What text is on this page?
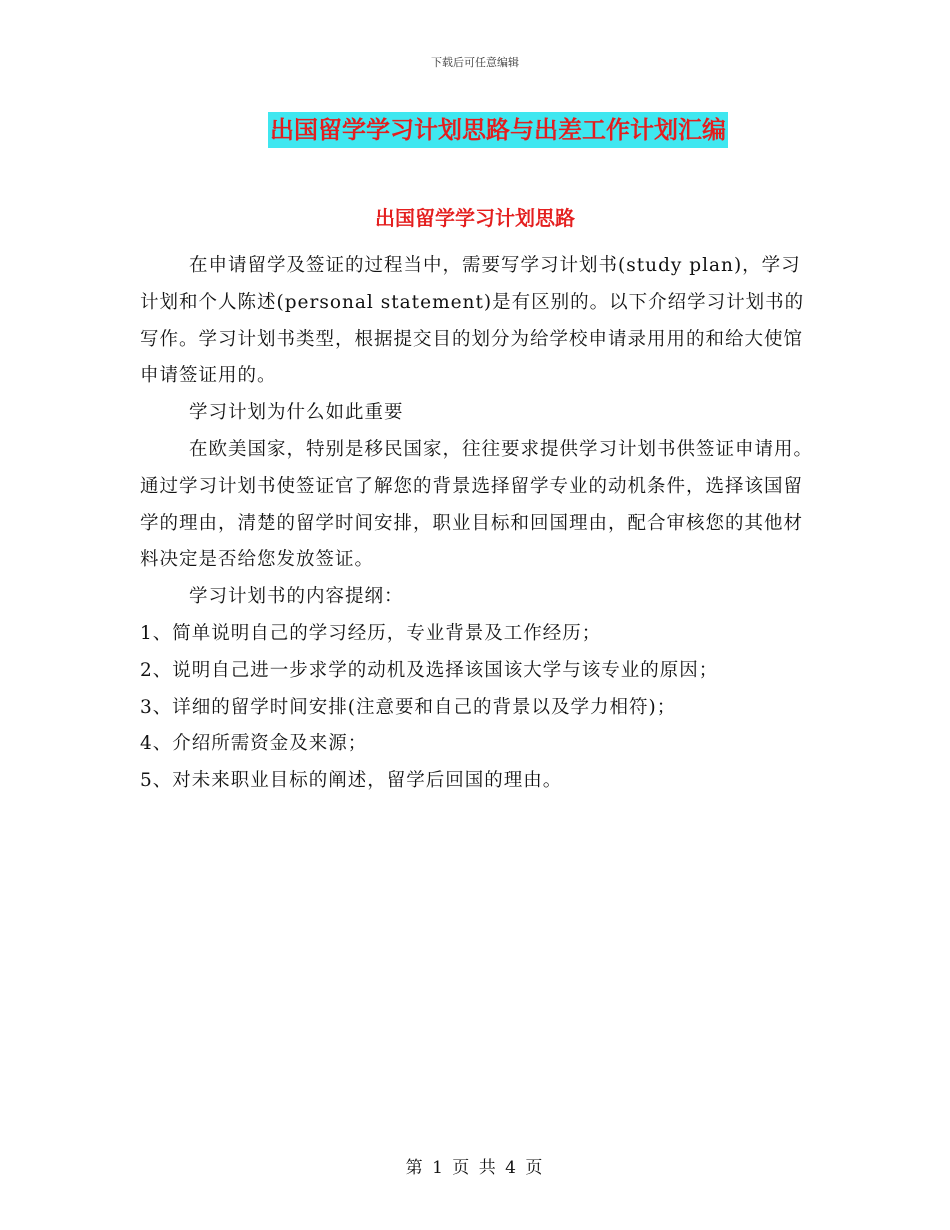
下载后可任意编辑
出国留学学习计划思路与出差工作计划汇编
出国留学学习计划思路

在申请留学及签证的过程当中，需要写学习计划书(study plan)，学习计划和个人陈述(personal statement)是有区别的。以下介绍学习计划书的写作。学习计划书类型，根据提交目的划分为给学校申请录用用的和给大使馆申请签证用的。

学习计划为什么如此重要

在欧美国家，特别是移民国家，往往要求提供学习计划书供签证申请用。通过学习计划书使签证官了解您的背景选择留学专业的动机条件，选择该国留学的理由，清楚的留学时间安排，职业目标和回国理由，配合审核您的其他材料决定是否给您发放签证。

学习计划书的内容提纲：

1、简单说明自己的学习经历，专业背景及工作经历；

2、说明自己进一步求学的动机及选择该国该大学与该专业的原因；

3、详细的留学时间安排(注意要和自己的背景以及学力相符)；

4、介绍所需资金及来源；

5、对未来职业目标的阐述，留学后回国的理由。

第 1 页 共 4 页
